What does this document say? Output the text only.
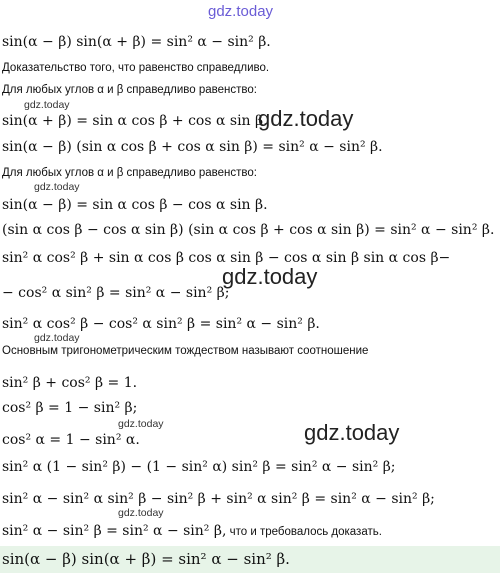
gdz.today
sin(α − β) sin(α + β) = sin² α − sin² β.
Доказательство того, что равенство справедливо.
Для любых углов α и β справедливо равенство:
gdz.today
sin(α + β) = sin α cos β + cos α sin β.
gdz.today
sin(α − β) (sin α cos β + cos α sin β) = sin² α − sin² β.
Для любых углов α и β справедливо равенство:
gdz.today
sin(α − β) = sin α cos β − cos α sin β.
(sin α cos β − cos α sin β) (sin α cos β + cos α sin β) = sin² α − sin² β.
sin² α cos² β + sin α cos β cos α sin β − cos α sin β sin α cos β−
gdz.today
− cos² α sin² β = sin² α − sin² β;
sin² α cos² β − cos² α sin² β = sin² α − sin² β.
gdz.today
Основным тригонометрическим тождеством называют соотношение
sin² β + cos² β = 1.
cos² β = 1 − sin² β;
gdz.today	gdz.today
cos² α = 1 − sin² α.
sin² α (1 − sin² β) − (1 − sin² α) sin² β = sin² α − sin² β;
sin² α − sin² α sin² β − sin² β + sin² α sin² β = sin² α − sin² β;
gdz.today
sin² α − sin² β = sin² α − sin² β, что и требовалось доказать.
sin(α − β) sin(α + β) = sin² α − sin² β.
